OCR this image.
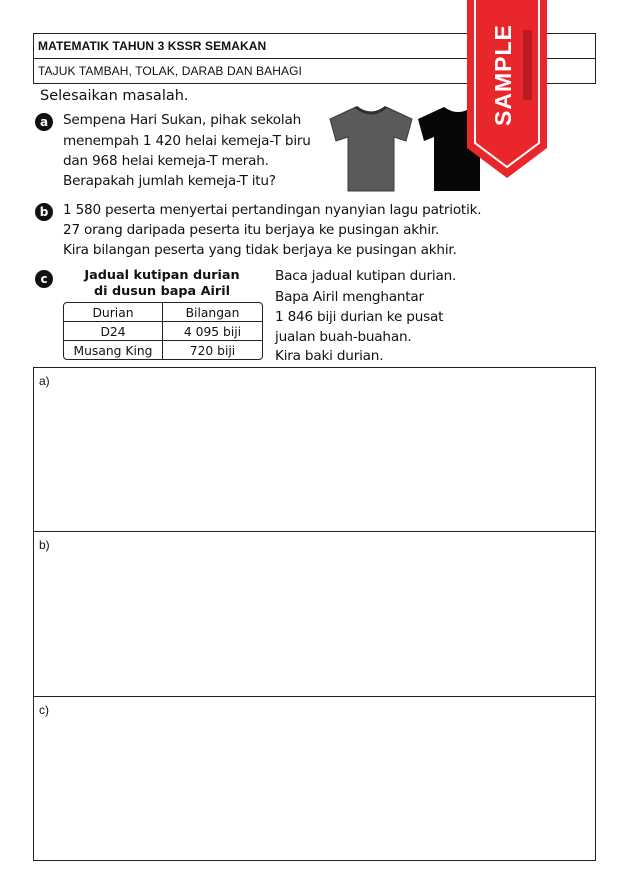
MATEMATIK TAHUN 3 KSSR SEMAKAN
TAJUK TAMBAH, TOLAK, DARAB DAN BAHAGI
Selesaikan masalah.
a	Sempena Hari Sukan, pihak sekolah
menempah 1 420 helai kemeja-T biru
dan 968 helai kemeja-T merah.
Berapakah jumlah kemeja-T itu?
b	1 580 peserta menyertai pertandingan nyanyian lagu patriotik.
27 orang daripada peserta itu berjaya ke pusingan akhir.
Kira bilangan peserta yang tidak berjaya ke pusingan akhir.
c	Jadual kutipan durian
di dusun bapa Airil
Durian	Bilangan
D24	4 095 biji
Musang King	720 biji
Baca jadual kutipan durian.
Bapa Airil menghantar
1 846 biji durian ke pusat
jualan buah-buahan.
Kira baki durian.
a)
b)
c)
SAMPLE
